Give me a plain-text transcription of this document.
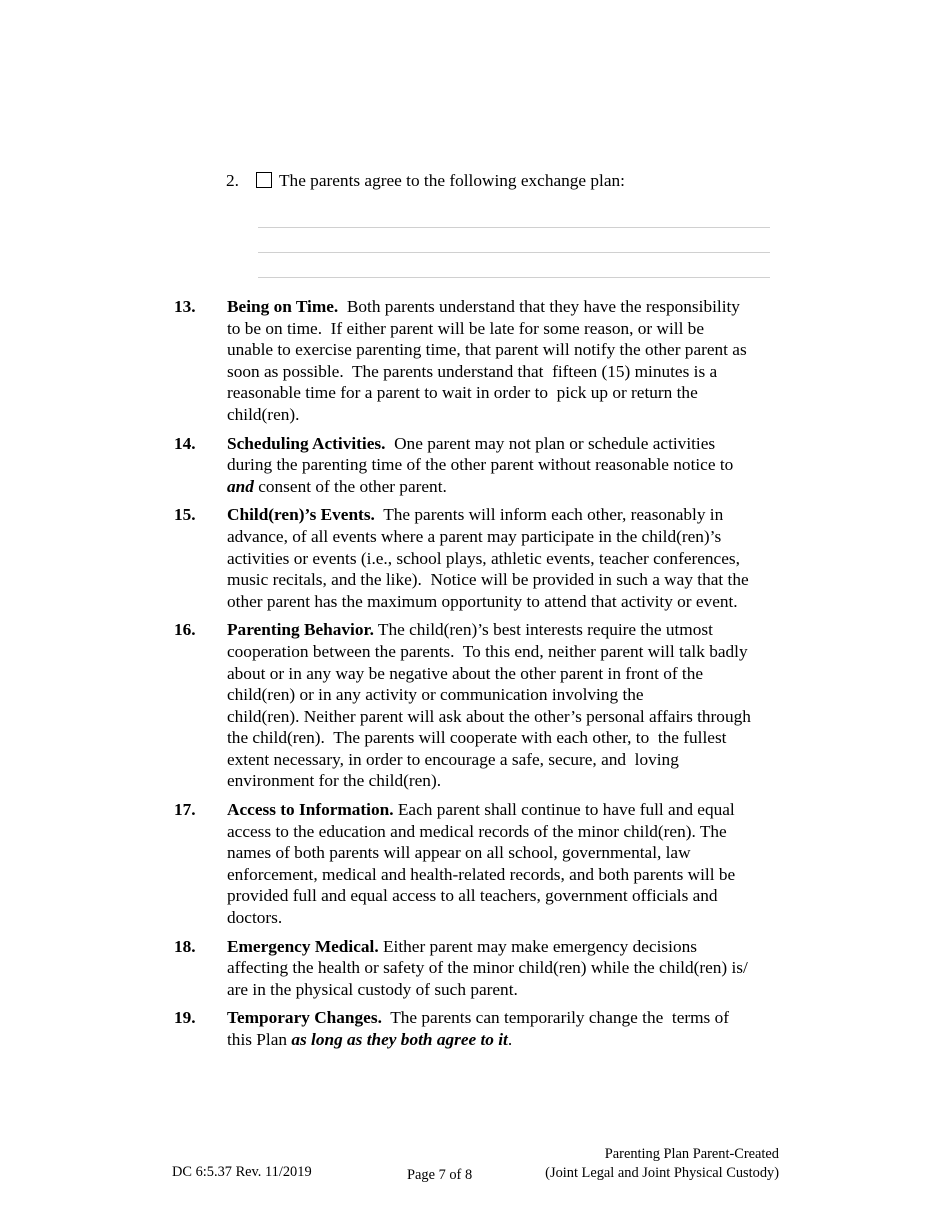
2. The parents agree to the following exchange plan:
13.	Being on Time.  Both parents understand that they have the responsibility
to be on time.  If either parent will be late for some reason, or will be
unable to exercise parenting time, that parent will notify the other parent as
soon as possible.  The parents understand that  fifteen (15) minutes is a
reasonable time for a parent to wait in order to  pick up or return the
child(ren).
14.	Scheduling Activities.  One parent may not plan or schedule activities
during the parenting time of the other parent without reasonable notice to
and consent of the other parent.
15.	Child(ren)’s Events.  The parents will inform each other, reasonably in
advance, of all events where a parent may participate in the child(ren)’s
activities or events (i.e., school plays, athletic events, teacher conferences,
music recitals, and the like).  Notice will be provided in such a way that the
other parent has the maximum opportunity to attend that activity or event.
16.	Parenting Behavior. The child(ren)’s best interests require the utmost
cooperation between the parents.  To this end, neither parent will talk badly
about or in any way be negative about the other parent in front of the
child(ren) or in any activity or communication involving the
child(ren). Neither parent will ask about the other’s personal affairs through
the child(ren).  The parents will cooperate with each other, to  the fullest
extent necessary, in order to encourage a safe, secure, and  loving
environment for the child(ren).
17.	Access to Information. Each parent shall continue to have full and equal
access to the education and medical records of the minor child(ren). The
names of both parents will appear on all school, governmental, law
enforcement, medical and health-related records, and both parents will be
provided full and equal access to all teachers, government officials and
doctors.
18.	Emergency Medical. Either parent may make emergency decisions
affecting the health or safety of the minor child(ren) while the child(ren) is/
are in the physical custody of such parent.
19.	Temporary Changes.  The parents can temporarily change the  terms of
this Plan as long as they both agree to it.
DC 6:5.37 Rev. 11/2019	Page 7 of 8
Parenting Plan Parent-Created
(Joint Legal and Joint Physical Custody)
